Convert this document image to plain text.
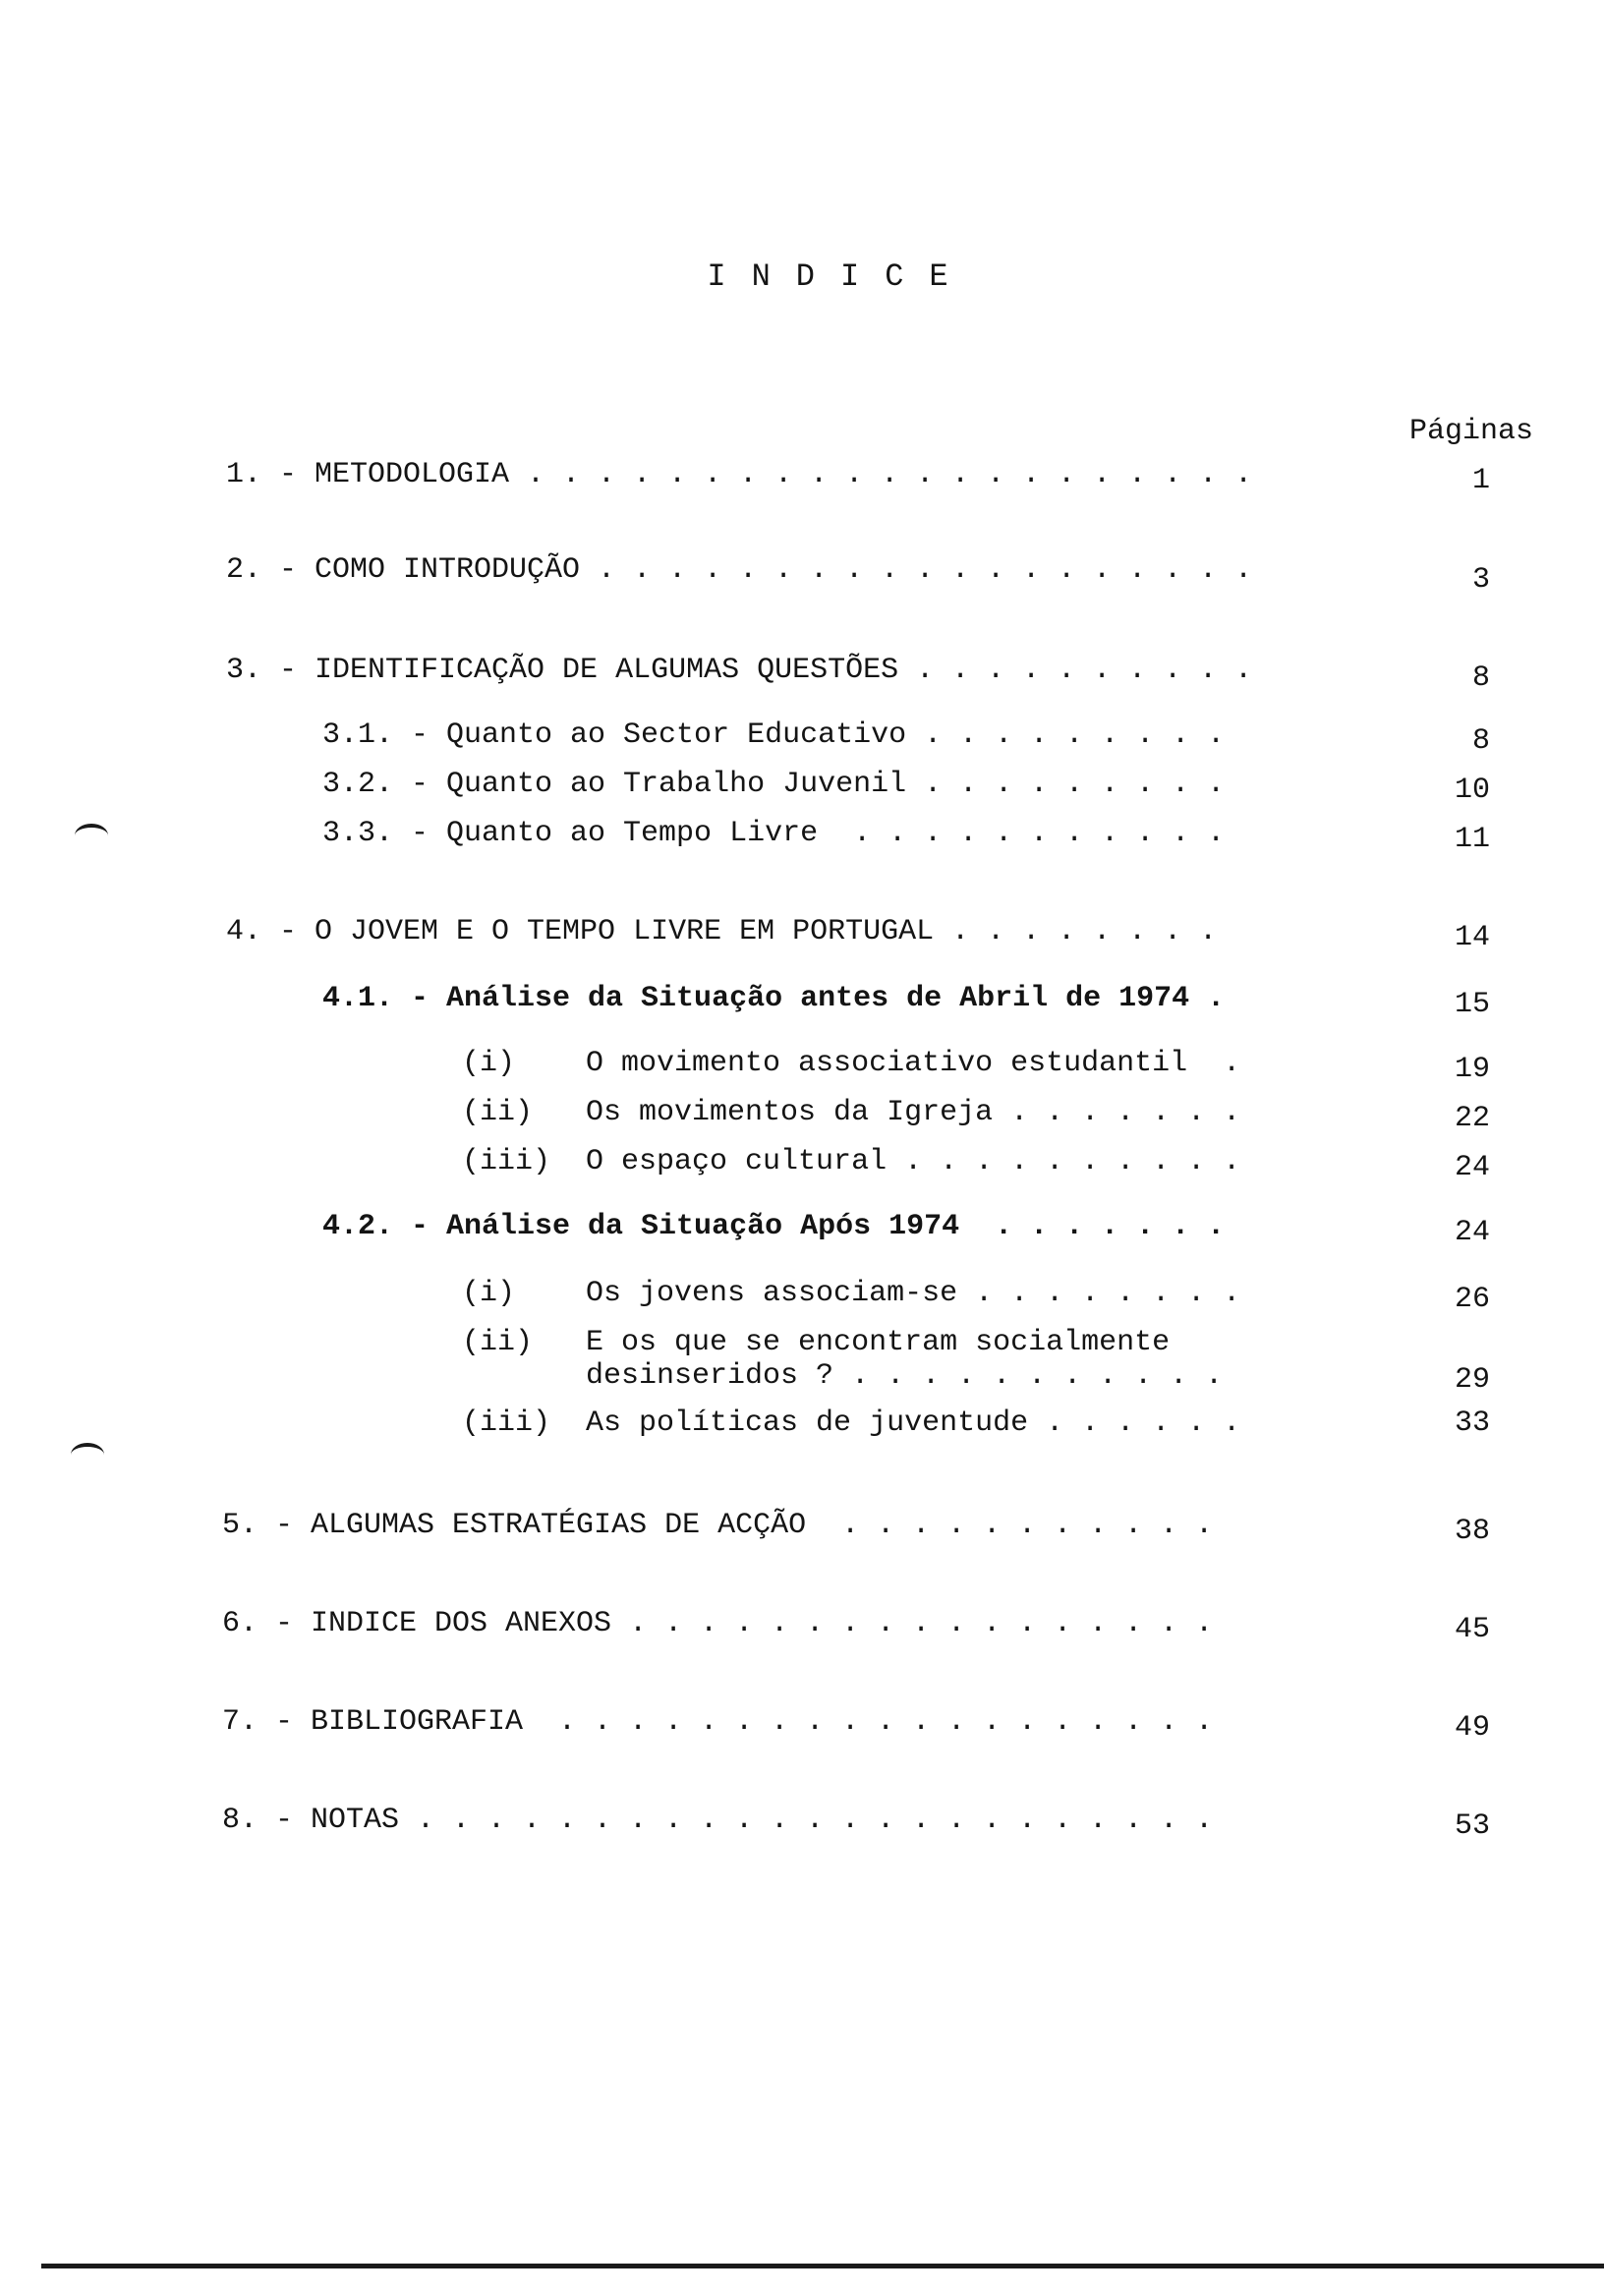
INDICE
Páginas
1. - METODOLOGIA . . . . . . . . . . . . . . . . . . . . .	1
2. - COMO INTRODUÇÃO . . . . . . . . . . . . . . . . . . .	3
3. - IDENTIFICAÇÃO DE ALGUMAS QUESTÕES . . . . . . . . . .	8
3.1. - Quanto ao Sector Educativo . . . . . . . . .	8
3.2. - Quanto ao Trabalho Juvenil . . . . . . . . .	10
3.3. - Quanto ao Tempo Livre  . . . . . . . . . . .	11
4. - O JOVEM E O TEMPO LIVRE EM PORTUGAL . . . . . . . .	14
4.1. - Análise da Situação antes de Abril de 1974 .	15
(i)    O movimento associativo estudantil  .	19
(ii)   Os movimentos da Igreja . . . . . . .	22
(iii)  O espaço cultural . . . . . . . . . .	24
4.2. - Análise da Situação Após 1974  . . . . . . .	24
(i)    Os jovens associam-se . . . . . . . .	26
(ii)   E os que se encontram socialmente
desinseridos ? . . . . . . . . . . .	29
(iii)  As políticas de juventude . . . . . .	33
5. - ALGUMAS ESTRATÉGIAS DE ACÇÃO  . . . . . . . . . . .	38
6. - INDICE DOS ANEXOS . . . . . . . . . . . . . . . . .	45
7. - BIBLIOGRAFIA  . . . . . . . . . . . . . . . . . . .	49
8. - NOTAS . . . . . . . . . . . . . . . . . . . . . . .	53
